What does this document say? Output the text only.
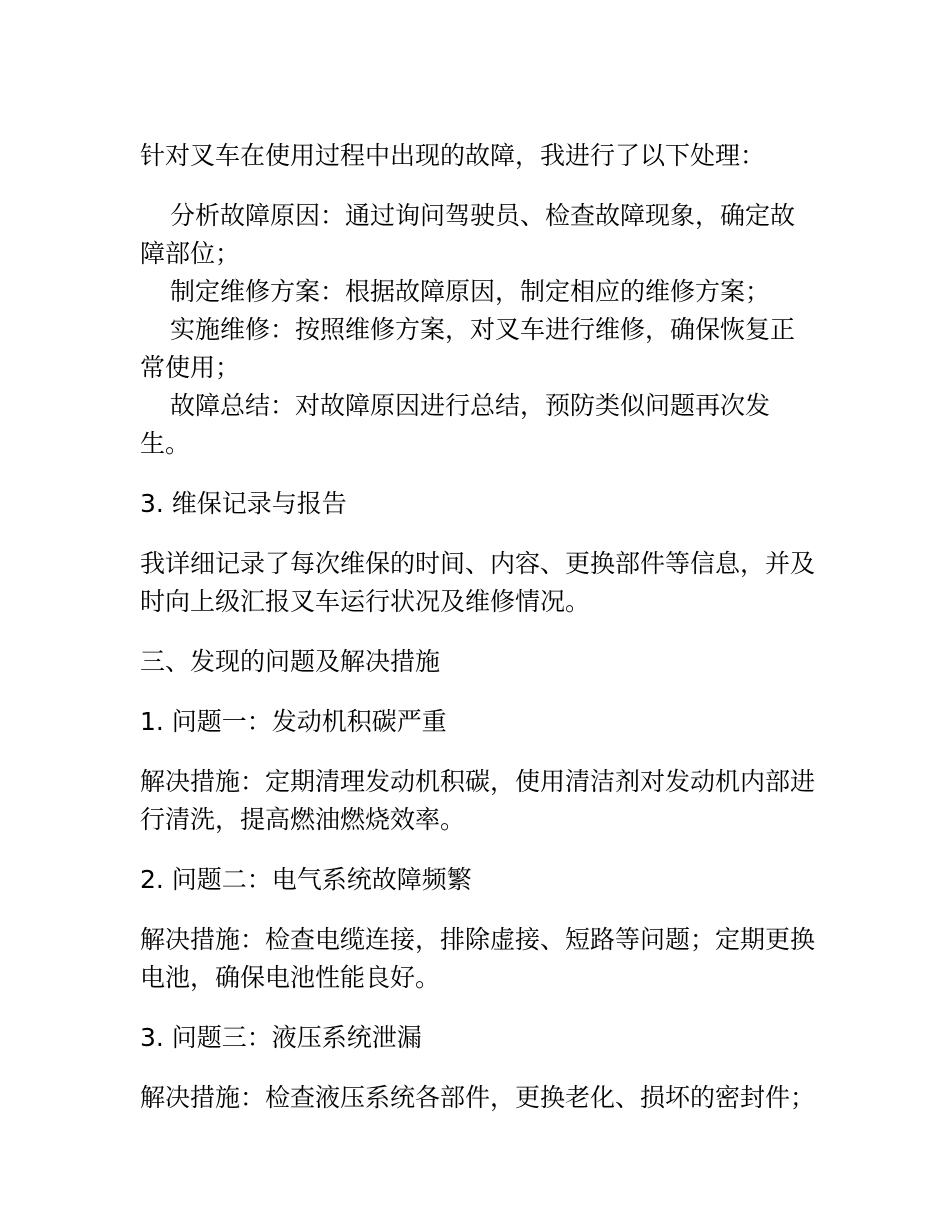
针对叉车在使用过程中出现的故障，我进行了以下处理：

分析故障原因：通过询问驾驶员、检查故障现象，确定故障部位；

制定维修方案：根据故障原因，制定相应的维修方案；

实施维修：按照维修方案，对叉车进行维修，确保恢复正常使用；

故障总结：对故障原因进行总结，预防类似问题再次发生。

3. 维保记录与报告

我详细记录了每次维保的时间、内容、更换部件等信息，并及时向上级汇报叉车运行状况及维修情况。

三、发现的问题及解决措施

1. 问题一：发动机积碳严重

解决措施：定期清理发动机积碳，使用清洁剂对发动机内部进行清洗，提高燃油燃烧效率。

2. 问题二：电气系统故障频繁

解决措施：检查电缆连接，排除虚接、短路等问题；定期更换电池，确保电池性能良好。

3. 问题三：液压系统泄漏

解决措施：检查液压系统各部件，更换老化、损坏的密封件；
